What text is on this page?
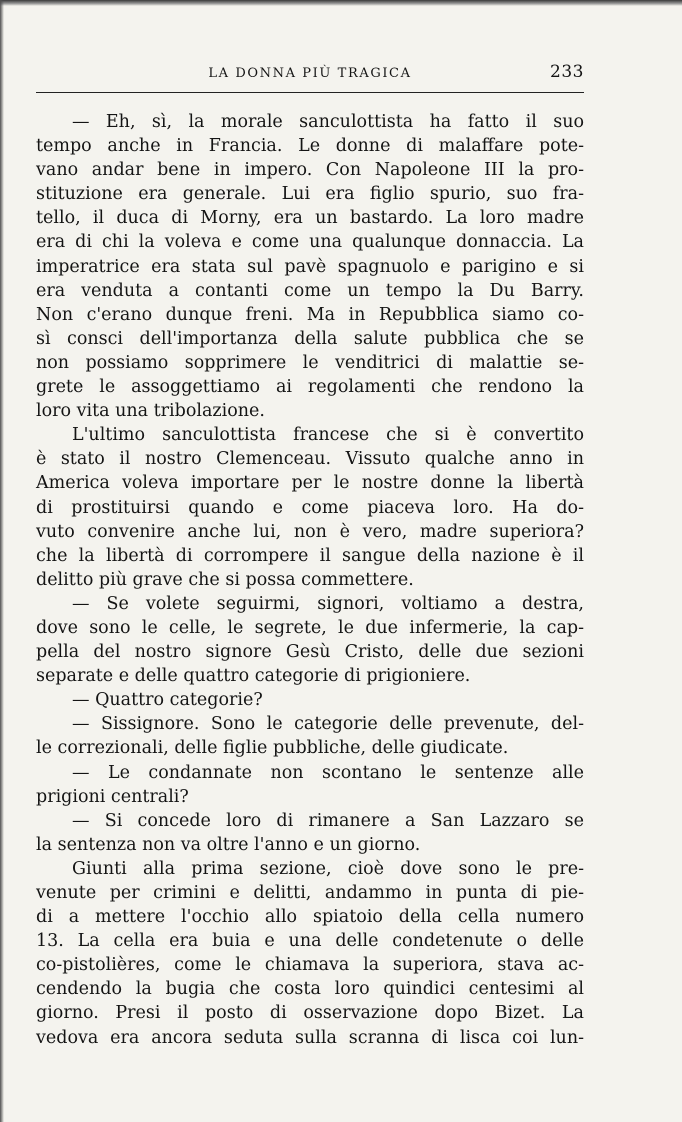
LA DONNA PIÙ TRAGICA	233
— Eh, sì, la morale sanculottista ha fatto il suo
tempo anche in Francia. Le donne di malaffare pote-
vano andar bene in impero. Con Napoleone III la pro-
stituzione era generale. Lui era figlio spurio, suo fra-
tello, il duca di Morny, era un bastardo. La loro madre
era di chi la voleva e come una qualunque donnaccia. La
imperatrice era stata sul pavè spagnuolo e parigino e si
era venduta a contanti come un tempo la Du Barry.
Non c'erano dunque freni. Ma in Repubblica siamo co-
sì consci dell'importanza della salute pubblica che se
non possiamo sopprimere le venditrici di malattie se-
grete le assoggettiamo ai regolamenti che rendono la
loro vita una tribolazione.
L'ultimo sanculottista francese che si è convertito
è stato il nostro Clemenceau. Vissuto qualche anno in
America voleva importare per le nostre donne la libertà
di prostituirsi quando e come piaceva loro. Ha do-
vuto convenire anche lui, non è vero, madre superiora?
che la libertà di corrompere il sangue della nazione è il
delitto più grave che si possa commettere.
— Se volete seguirmi, signori, voltiamo a destra,
dove sono le celle, le segrete, le due infermerie, la cap-
pella del nostro signore Gesù Cristo, delle due sezioni
separate e delle quattro categorie di prigioniere.
— Quattro categorie?
— Sissignore. Sono le categorie delle prevenute, del-
le correzionali, delle figlie pubbliche, delle giudicate.
— Le condannate non scontano le sentenze alle
prigioni centrali?
— Si concede loro di rimanere a San Lazzaro se
la sentenza non va oltre l'anno e un giorno.
Giunti alla prima sezione, cioè dove sono le pre-
venute per crimini e delitti, andammo in punta di pie-
di a mettere l'occhio allo spiatoio della cella numero
13. La cella era buia e una delle condetenute o delle
co-pistolières, come le chiamava la superiora, stava ac-
cendendo la bugia che costa loro quindici centesimi al
giorno. Presi il posto di osservazione dopo Bizet. La
vedova era ancora seduta sulla scranna di lisca coi lun-
